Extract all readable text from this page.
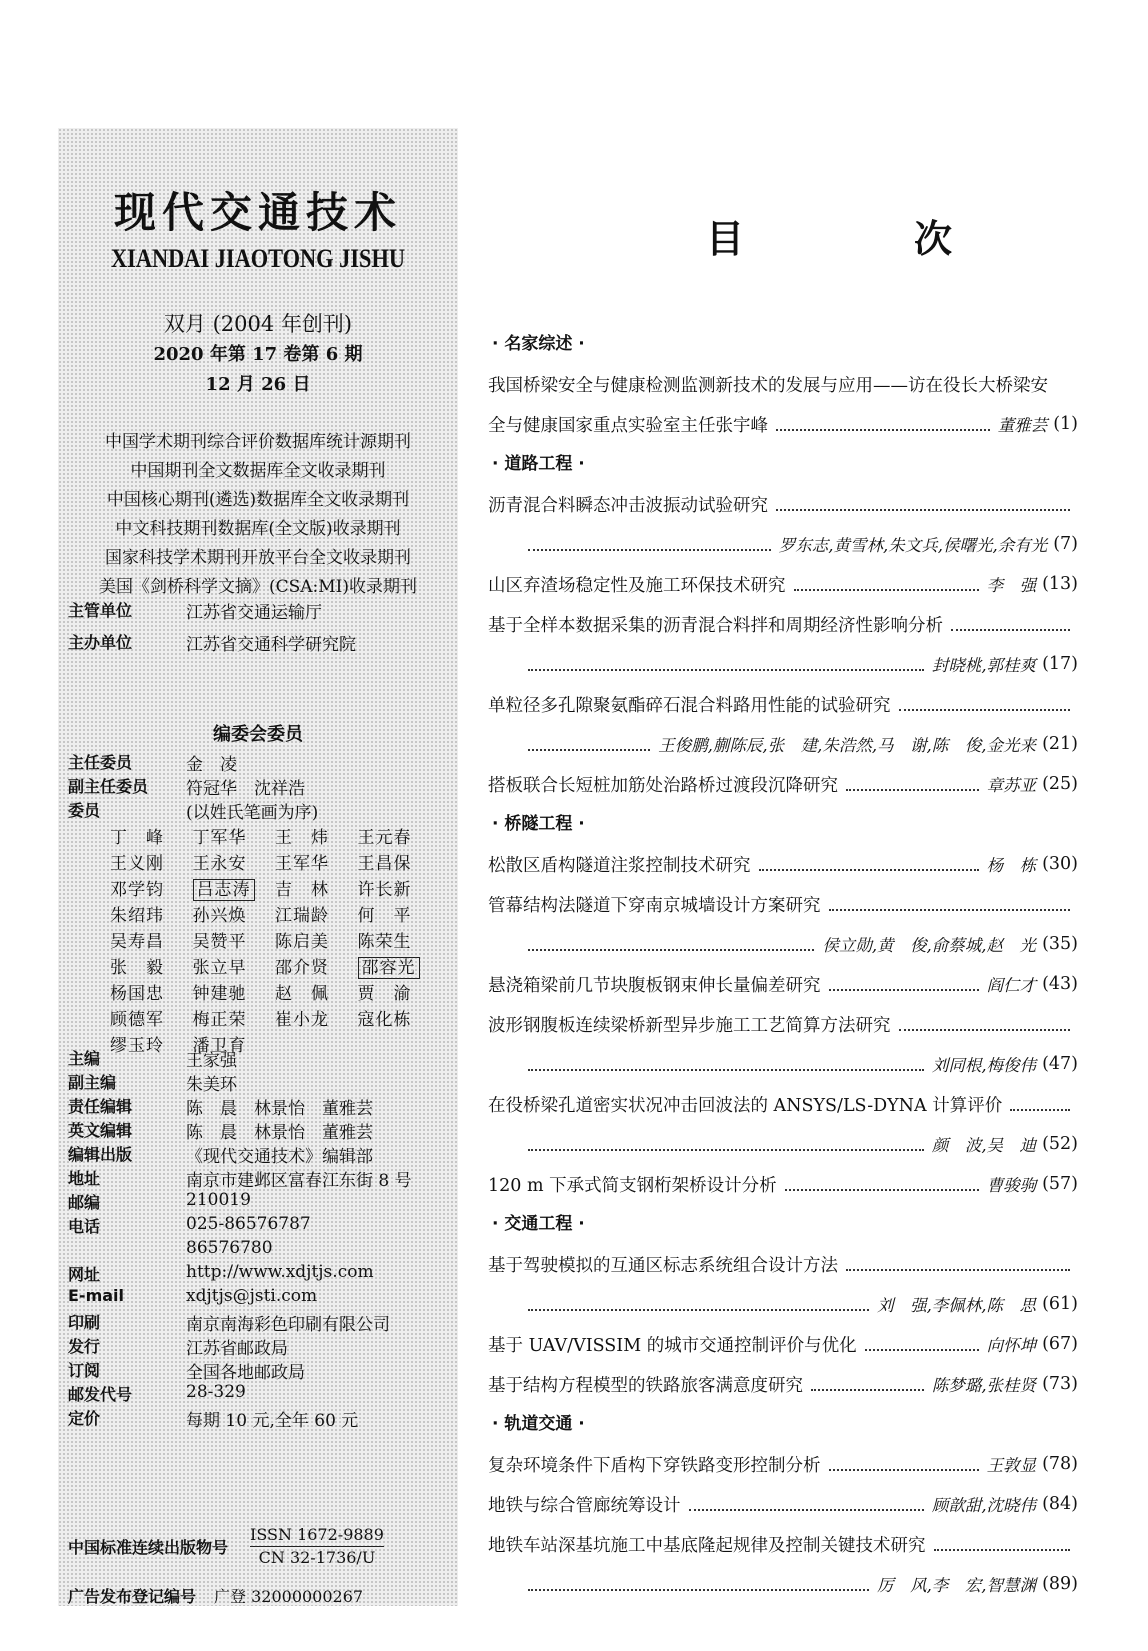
现代交通技术
XIANDAI JIAOTONG JISHU
双月 (2004 年创刊)
2020 年第 17 卷第 6 期
12 月 26 日
中国学术期刊综合评价数据库统计源期刊
中国期刊全文数据库全文收录期刊
中国核心期刊(遴选)数据库全文收录期刊
中文科技期刊数据库(全文版)收录期刊
国家科技学术期刊开放平台全文收录期刊
美国《剑桥科学文摘》(CSA:MI)收录期刊
主管单位	江苏省交通运输厅
主办单位	江苏省交通科学研究院
编委会委员
主任委员	金　凌
副主任委员	符冠华　沈祥浩
委员	(以姓氏笔画为序)
丁　峰	丁军华	王　炜	王元春
王义刚	王永安	王军华	王昌保
邓学钧	吕志涛	吉　林	许长新
朱绍玮	孙兴焕	江瑞龄	何　平
吴寿昌	吴赞平	陈启美	陈荣生
张　毅	张立早	邵介贤	邵容光
杨国忠	钟建驰	赵　佩	贾　渝
顾德军	梅正荣	崔小龙	寇化栋
缪玉玲	潘卫育
主编	王家强
副主编	朱美环
责任编辑	陈　晨　林景怡　董雅芸
英文编辑	陈　晨　林景怡　董雅芸
编辑出版	《现代交通技术》编辑部
地址	南京市建邺区富春江东街 8 号
邮编	210019
电话	025-86576787
86576780
网址	http://www.xdjtjs.com
E-mail	xdjtjs@jsti.com
印刷	南京南海彩色印刷有限公司
发行	江苏省邮政局
订阅	全国各地邮政局
邮发代号	28-329
定价	每期 10 元,全年 60 元
中国标准连续出版物号
ISSN 1672-9889
CN 32-1736/U
广告发布登记编号 广登 32000000267
目　次
· 名家综述 ·
我国桥梁安全与健康检测监测新技术的发展与应用——访在役长大桥梁安
全与健康国家重点实验室主任张宇峰	董雅芸 (1)
· 道路工程 ·
沥青混合料瞬态冲击波振动试验研究
罗东志,黄雪林,朱文兵,侯曙光,余有光 (7)
山区弃渣场稳定性及施工环保技术研究	李　强 (13)
基于全样本数据采集的沥青混合料拌和周期经济性影响分析
封晓桃,郭桂爽 (17)
单粒径多孔隙聚氨酯碎石混合料路用性能的试验研究
王俊鹏,蒯陈辰,张　建,朱浩然,马　谢,陈　俊,金光来 (21)
搭板联合长短桩加筋处治路桥过渡段沉降研究	章苏亚 (25)
· 桥隧工程 ·
松散区盾构隧道注浆控制技术研究	杨　栋 (30)
管幕结构法隧道下穿南京城墙设计方案研究
侯立勋,黄　俊,俞蔡城,赵　光 (35)
悬浇箱梁前几节块腹板钢束伸长量偏差研究	阎仁才 (43)
波形钢腹板连续梁桥新型异步施工工艺简算方法研究
刘同根,梅俊伟 (47)
在役桥梁孔道密实状况冲击回波法的 ANSYS/LS-DYNA 计算评价
颜　波,吴　迪 (52)
120 m 下承式简支钢桁架桥设计分析	曹骏驹 (57)
· 交通工程 ·
基于驾驶模拟的互通区标志系统组合设计方法
刘　强,李佩林,陈　思 (61)
基于 UAV/VISSIM 的城市交通控制评价与优化	向怀坤 (67)
基于结构方程模型的铁路旅客满意度研究	陈梦璐,张桂贤 (73)
· 轨道交通 ·
复杂环境条件下盾构下穿铁路变形控制分析	王敦显 (78)
地铁与综合管廊统筹设计	顾歆甜,沈晓伟 (84)
地铁车站深基坑施工中基底隆起规律及控制关键技术研究
厉　风,李　宏,智慧渊 (89)
